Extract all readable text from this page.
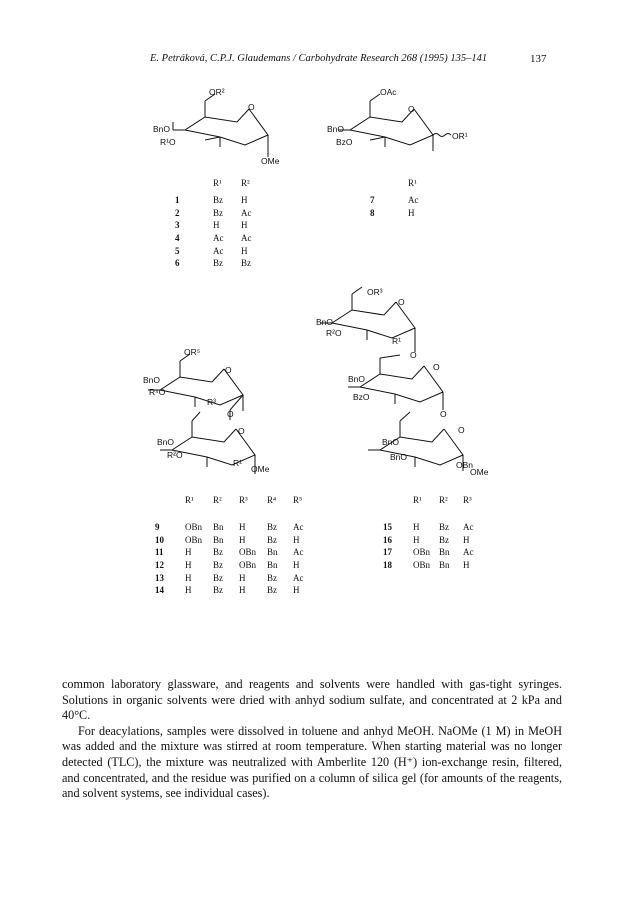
E. Petráková, C.P.J. Glaudemans / Carbohydrate Research 268 (1995) 135–141	137
OR²
BnO
R¹O
O
OMe
OAc
BnO
BzO
O
OR¹
OR³
BnO
R²O
O
R¹
O
BnO
BzO
O
O
BnO
BnO
O
OBn
OMe
OR⁵
BnO
R⁴O
O
R³
O
BnO
R²O
O
R¹
OMe
	R¹	R²
1	Bz	H
2	Bz	Ac
3	H	H
4	Ac	Ac
5	Ac	H
6	Bz	Bz
	R¹
7	Ac
8	H
	R¹	R²	R³	R⁴	R⁵

9	OBn	Bn	H	Bz	Ac
10	OBn	Bn	H	Bz	H
11	H	Bz	OBn	Bn	Ac
12	H	Bz	OBn	Bn	H
13	H	Bz	H	Bz	Ac
14	H	Bz	H	Bz	H
	R¹	R²	R³

15	H	Bz	Ac
16	H	Bz	H
17	OBn	Bn	Ac
18	OBn	Bn	H

common laboratory glassware, and reagents and solvents were handled with gas-tight syringes. Solutions in organic solvents were dried with anhyd sodium sulfate, and concentrated at 2 kPa and 40°C.

For deacylations, samples were dissolved in toluene and anhyd MeOH. NaOMe (1 M) in MeOH was added and the mixture was stirred at room temperature. When starting material was no longer detected (TLC), the mixture was neutralized with Amberlite 120 (H⁺) ion-exchange resin, filtered, and concentrated, and the residue was purified on a column of silica gel (for amounts of the reagents, and solvent systems, see individual cases).
